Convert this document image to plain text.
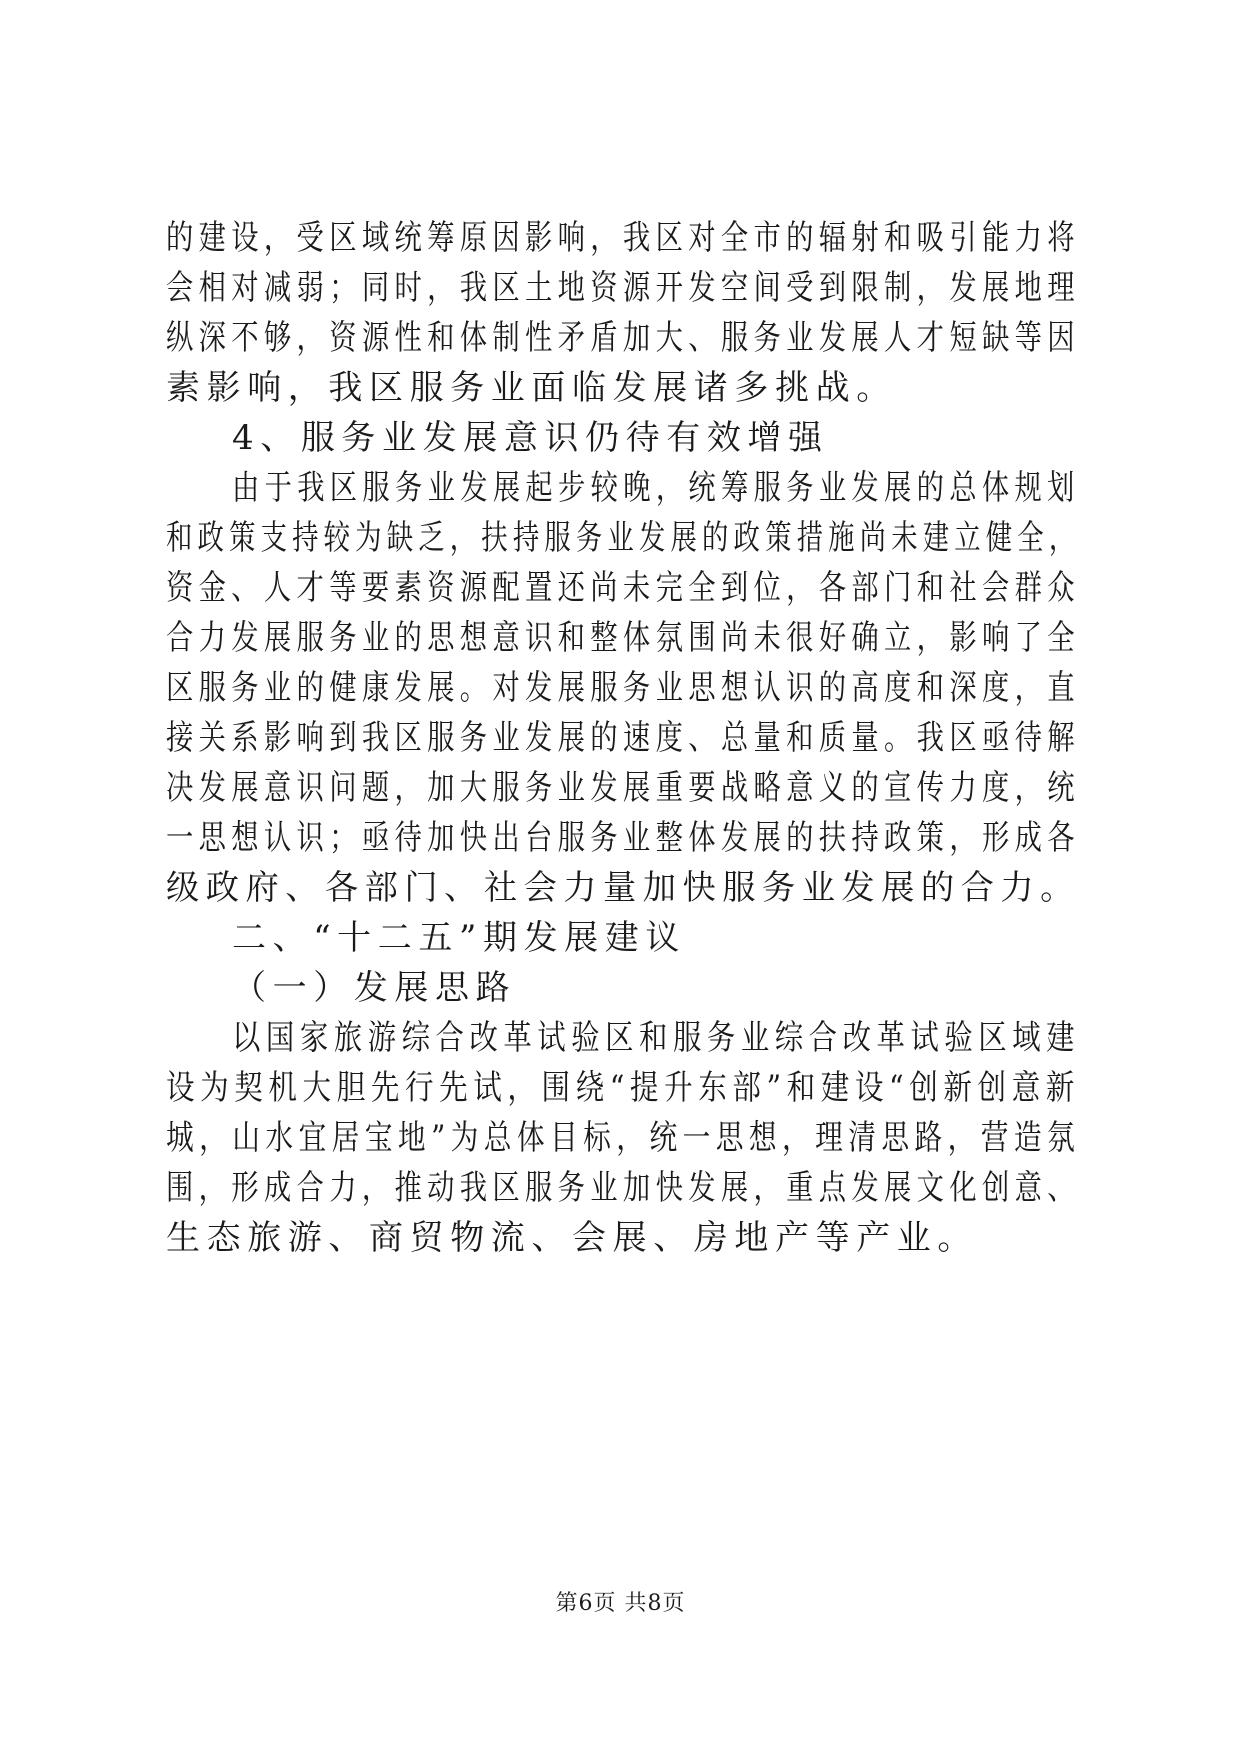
的建设，受区域统筹原因影响，我区对全市的辐射和吸引能力将
会相对减弱；同时，我区土地资源开发空间受到限制，发展地理
纵深不够，资源性和体制性矛盾加大、服务业发展人才短缺等因
素影响，我区服务业面临发展诸多挑战。
4、服务业发展意识仍待有效增强
由于我区服务业发展起步较晚，统筹服务业发展的总体规划
和政策支持较为缺乏，扶持服务业发展的政策措施尚未建立健全，
资金、人才等要素资源配置还尚未完全到位，各部门和社会群众
合力发展服务业的思想意识和整体氛围尚未很好确立，影响了全
区服务业的健康发展。对发展服务业思想认识的高度和深度，直
接关系影响到我区服务业发展的速度、总量和质量。我区亟待解
决发展意识问题，加大服务业发展重要战略意义的宣传力度，统
一思想认识；亟待加快出台服务业整体发展的扶持政策，形成各
级政府、各部门、社会力量加快服务业发展的合力。
二、“十二五”期发展建议
（一）发展思路
以国家旅游综合改革试验区和服务业综合改革试验区域建
设为契机大胆先行先试，围绕“提升东部”和建设“创新创意新
城，山水宜居宝地”为总体目标，统一思想，理清思路，营造氛
围，形成合力，推动我区服务业加快发展，重点发展文化创意、
生态旅游、商贸物流、会展、房地产等产业。
第6页 共8页
